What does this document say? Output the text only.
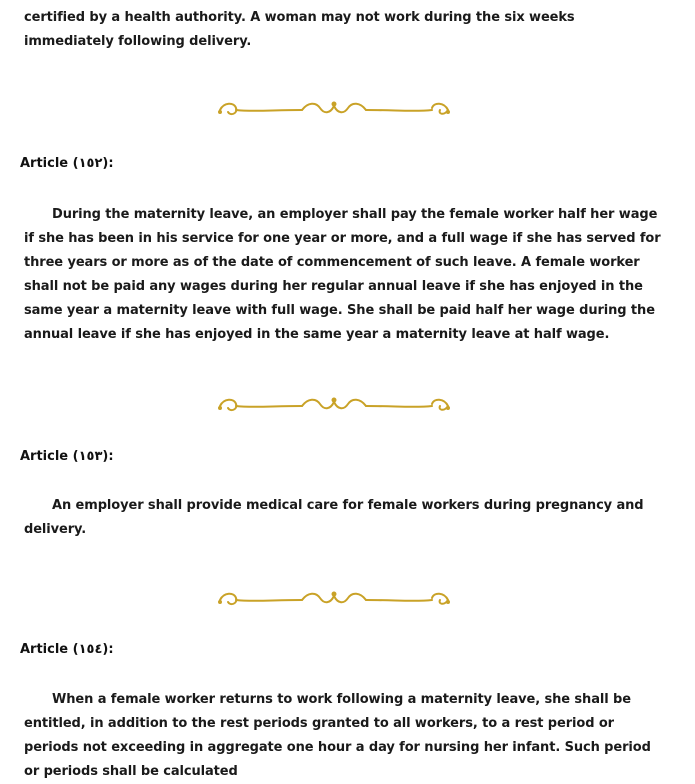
certified by a health authority. A woman may not work during the six weeks immediately following delivery.

Article (١٥٢):

During the maternity leave, an employer shall pay the female worker half her wage if she has been in his service for one year or more, and a full wage if she has served for three years or more as of the date of commencement of such leave. A female worker shall not be paid any wages during her regular annual leave if she has enjoyed in the same year a maternity leave with full wage. She shall be paid half her wage during the annual leave if she has enjoyed in the same year a maternity leave at half wage.

Article (١٥٣):

An employer shall provide medical care for female workers during pregnancy and delivery.

Article (١٥٤):

When a female worker returns to work following a maternity leave, she shall be entitled, in addition to the rest periods granted to all workers, to a rest period or periods not exceeding in aggregate one hour a day for nursing her infant. Such period or periods shall be calculated
